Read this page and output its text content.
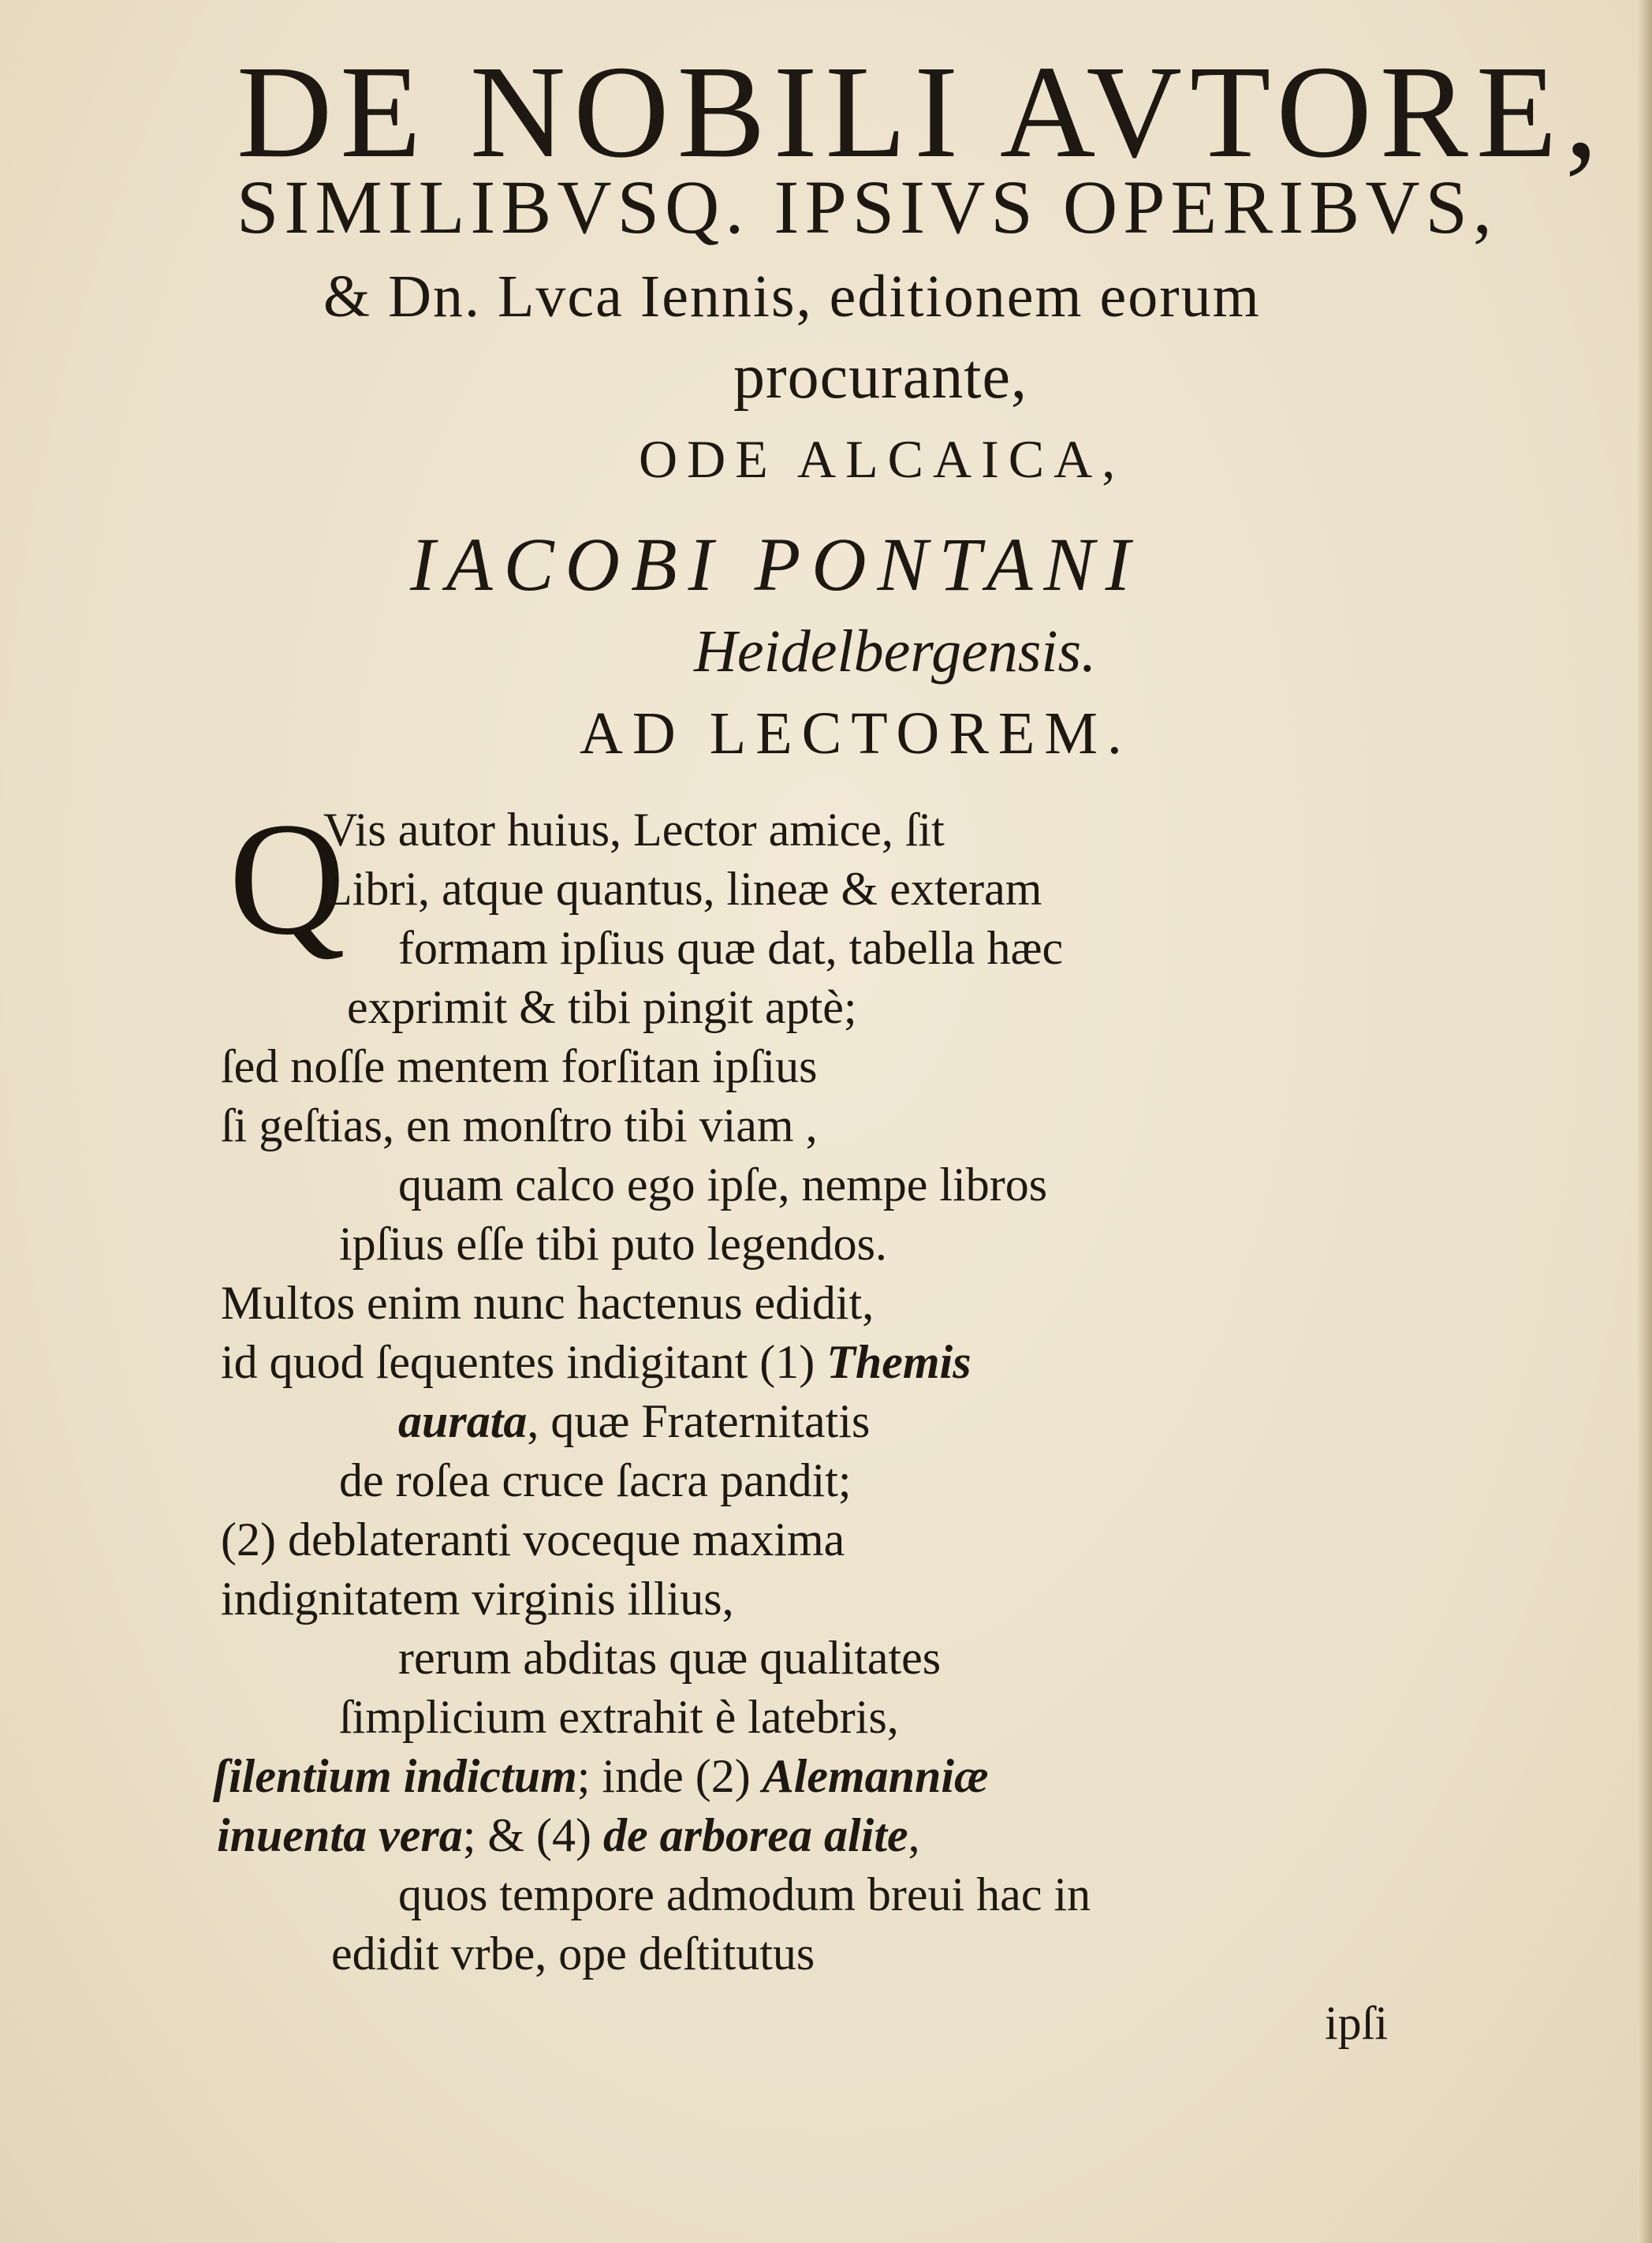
DE NOBILI AVTORE,
SIMILIBVSQ. IPSIVS OPERIBVS,
& Dn. Lvca Iennis, editionem eorum
procurante,
ODE ALCAICA,
IACOBI PONTANI
Heidelbergensis.
AD LECTOREM.
Q
Vis autor huius, Lector amice, ſit
Libri, atque quantus, lineæ & exteram
formam ipſius quæ dat, tabella hæc
exprimit & tibi pingit aptè;
ſed noſſe mentem forſitan ipſius
ſi geſtias, en monſtro tibi viam ,
quam calco ego ipſe, nempe libros
ipſius eſſe tibi puto legendos.
Multos enim nunc hactenus edidit,
id quod ſequentes indigitant (1) Themis
aurata, quæ Fraternitatis
de roſea cruce ſacra pandit;
(2) deblateranti voceque maxima
indignitatem virginis illius,
rerum abditas quæ qualitates
ſimplicium extrahit è latebris,
ſilentium indictum; inde (2) Alemanniæ
inuenta vera; & (4) de arborea alite,
quos tempore admodum breui hac in
edidit vrbe, ope deſtitutus
ipſi
